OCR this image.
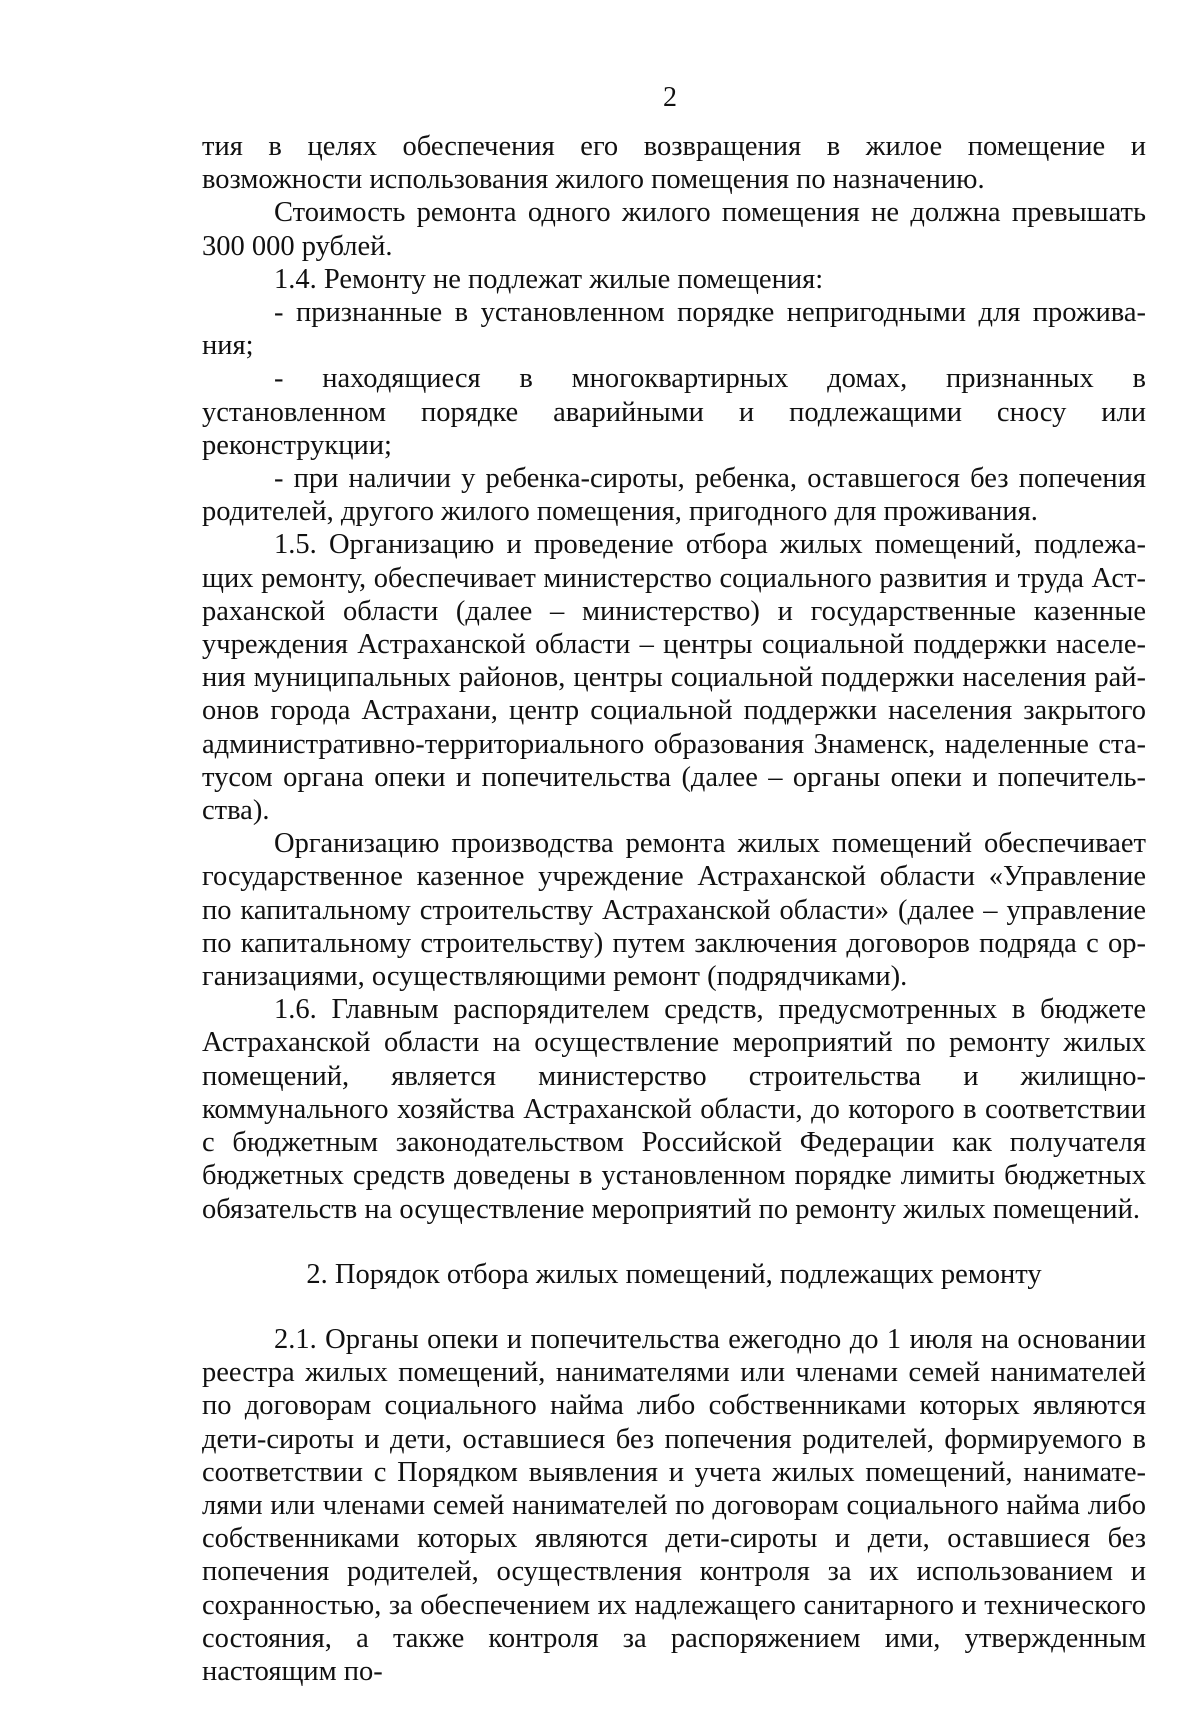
2

тия в целях обеспечения его возвращения в жилое помещение и возможности использования жилого помещения по назначению.

Стоимость ремонта одного жилого помещения не должна превышать 300 000 рублей.

1.4. Ремонту не подлежат жилые помещения:

- признанные в установленном порядке непригодными для проживания;

- находящиеся в многоквартирных домах, признанных в установленном порядке аварийными и подлежащими сносу или реконструкции;

- при наличии у ребенка-сироты, ребенка, оставшегося без попечения родителей, другого жилого помещения, пригодного для проживания.

1.5. Организацию и проведение отбора жилых помещений, подлежащих ремонту, обеспечивает министерство социального развития и труда Астраханской области (далее – министерство) и государственные казенные учреждения Астраханской области – центры социальной поддержки населения муниципальных районов, центры социальной поддержки населения районов города Астрахани, центр социальной поддержки населения закрытого административно-территориального образования Знаменск, наделенные статусом органа опеки и попечительства (далее – органы опеки и попечительства).

Организацию производства ремонта жилых помещений обеспечивает государственное казенное учреждение Астраханской области «Управление по капитальному строительству Астраханской области» (далее – управление по капитальному строительству) путем заключения договоров подряда с организациями, осуществляющими ремонт (подрядчиками).

1.6. Главным распорядителем средств, предусмотренных в бюджете Астраханской области на осуществление мероприятий по ремонту жилых помещений, является министерство строительства и жилищно-коммунального хозяйства Астраханской области, до которого в соответствии с бюджетным законодательством Российской Федерации как получателя бюджетных средств доведены в установленном порядке лимиты бюджетных обязательств на осуществление мероприятий по ремонту жилых помещений.

2. Порядок отбора жилых помещений, подлежащих ремонту

2.1. Органы опеки и попечительства ежегодно до 1 июля на основании реестра жилых помещений, нанимателями или членами семей нанимателей по договорам социального найма либо собственниками которых являются дети-сироты и дети, оставшиеся без попечения родителей, формируемого в соответствии с Порядком выявления и учета жилых помещений, нанимателями или членами семей нанимателей по договорам социального найма либо собственниками которых являются дети-сироты и дети, оставшиеся без попечения родителей, осуществления контроля за их использованием и сохранностью, за обеспечением их надлежащего санитарного и технического состояния, а также контроля за распоряжением ими, утвержденным настоящим по-
